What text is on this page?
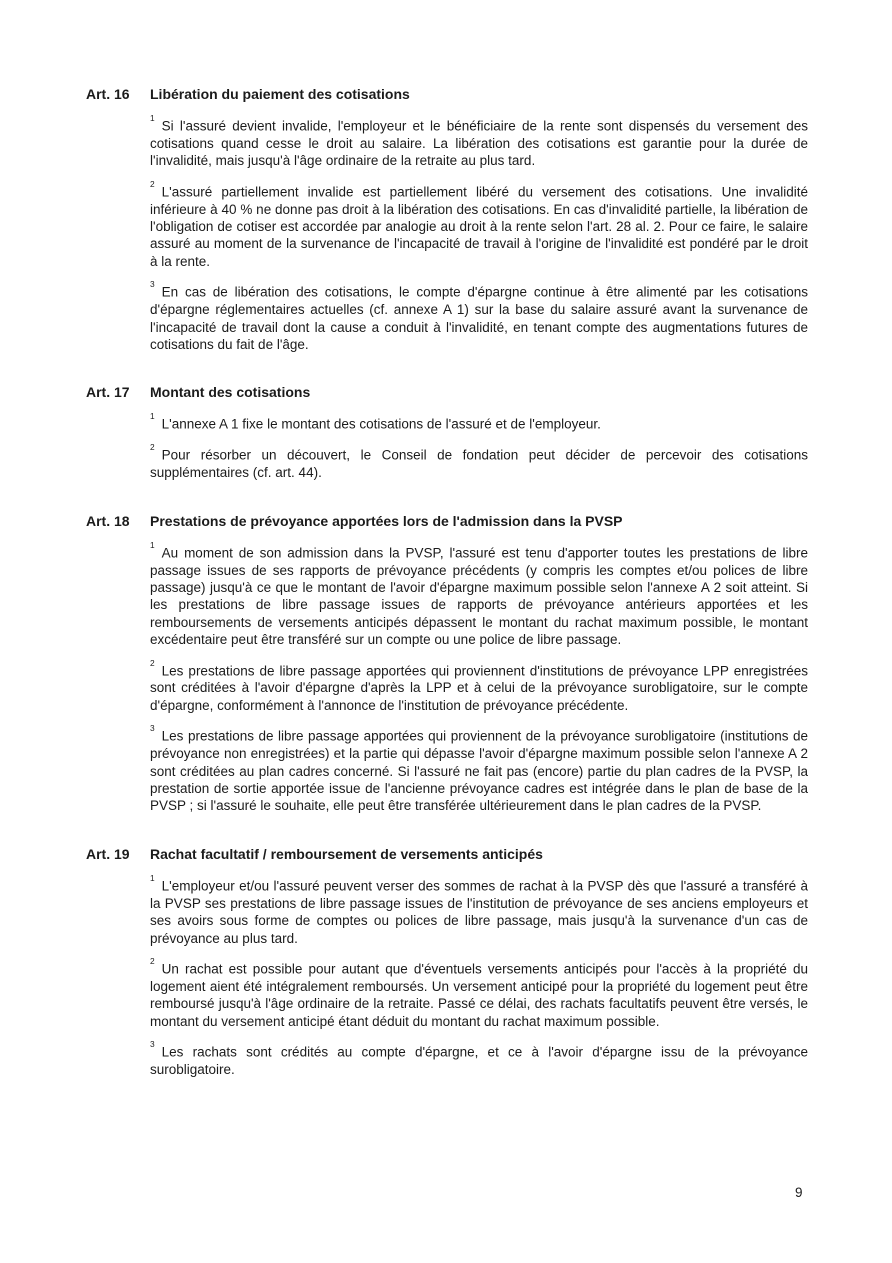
Art. 16	Libération du paiement des cotisations

$^1$Si l'assuré devient invalide, l'employeur et le bénéficiaire de la rente sont dispensés du versement des cotisations quand cesse le droit au salaire. La libération des cotisations est garantie pour la durée de l'invalidité, mais jusqu'à l'âge ordinaire de la retraite au plus tard.

$^2$L'assuré partiellement invalide est partiellement libéré du versement des cotisations. Une invalidité inférieure à 40 % ne donne pas droit à la libération des cotisations. En cas d'invalidité partielle, la libération de l'obligation de cotiser est accordée par analogie au droit à la rente selon l'art. 28 al. 2. Pour ce faire, le salaire assuré au moment de la survenance de l'incapacité de travail à l'origine de l'invalidité est pondéré par le droit à la rente.

$^3$En cas de libération des cotisations, le compte d'épargne continue à être alimenté par les cotisations d'épargne réglementaires actuelles (cf. annexe A 1) sur la base du salaire assuré avant la survenance de l'incapacité de travail dont la cause a conduit à l'invalidité, en tenant compte des augmentations futures de cotisations du fait de l'âge.

Art. 17	Montant des cotisations

$^1$L'annexe A 1 fixe le montant des cotisations de l'assuré et de l'employeur.

$^2$Pour résorber un découvert, le Conseil de fondation peut décider de percevoir des cotisations supplémentaires (cf. art. 44).

Art. 18	Prestations de prévoyance apportées lors de l'admission dans la PVSP

$^1$Au moment de son admission dans la PVSP, l'assuré est tenu d'apporter toutes les prestations de libre passage issues de ses rapports de prévoyance précédents (y compris les comptes et/ou polices de libre passage) jusqu'à ce que le montant de l'avoir d'épargne maximum possible selon l'annexe A 2 soit atteint. Si les prestations de libre passage issues de rapports de prévoyance antérieurs apportées et les remboursements de versements anticipés dépassent le montant du rachat maximum possible, le montant excédentaire peut être transféré sur un compte ou une police de libre passage.

$^2$Les prestations de libre passage apportées qui proviennent d'institutions de prévoyance LPP enregistrées sont créditées à l'avoir d'épargne d'après la LPP et à celui de la prévoyance surobligatoire, sur le compte d'épargne, conformément à l'annonce de l'institution de prévoyance précédente.

$^3$Les prestations de libre passage apportées qui proviennent de la prévoyance surobligatoire (institutions de prévoyance non enregistrées) et la partie qui dépasse l'avoir d'épargne maximum possible selon l'annexe A 2 sont créditées au plan cadres concerné. Si l'assuré ne fait pas (encore) partie du plan cadres de la PVSP, la prestation de sortie apportée issue de l'ancienne prévoyance cadres est intégrée dans le plan de base de la PVSP ; si l'assuré le souhaite, elle peut être transférée ultérieurement dans le plan cadres de la PVSP.

Art. 19	Rachat facultatif / remboursement de versements anticipés

$^1$L'employeur et/ou l'assuré peuvent verser des sommes de rachat à la PVSP dès que l'assuré a transféré à la PVSP ses prestations de libre passage issues de l'institution de prévoyance de ses anciens employeurs et ses avoirs sous forme de comptes ou polices de libre passage, mais jusqu'à la survenance d'un cas de prévoyance au plus tard.

$^2$Un rachat est possible pour autant que d'éventuels versements anticipés pour l'accès à la propriété du logement aient été intégralement remboursés. Un versement anticipé pour la propriété du logement peut être remboursé jusqu'à l'âge ordinaire de la retraite. Passé ce délai, des rachats facultatifs peuvent être versés, le montant du versement anticipé étant déduit du montant du rachat maximum possible.

$^3$Les rachats sont crédités au compte d'épargne, et ce à l'avoir d'épargne issu de la prévoyance surobligatoire.

9
